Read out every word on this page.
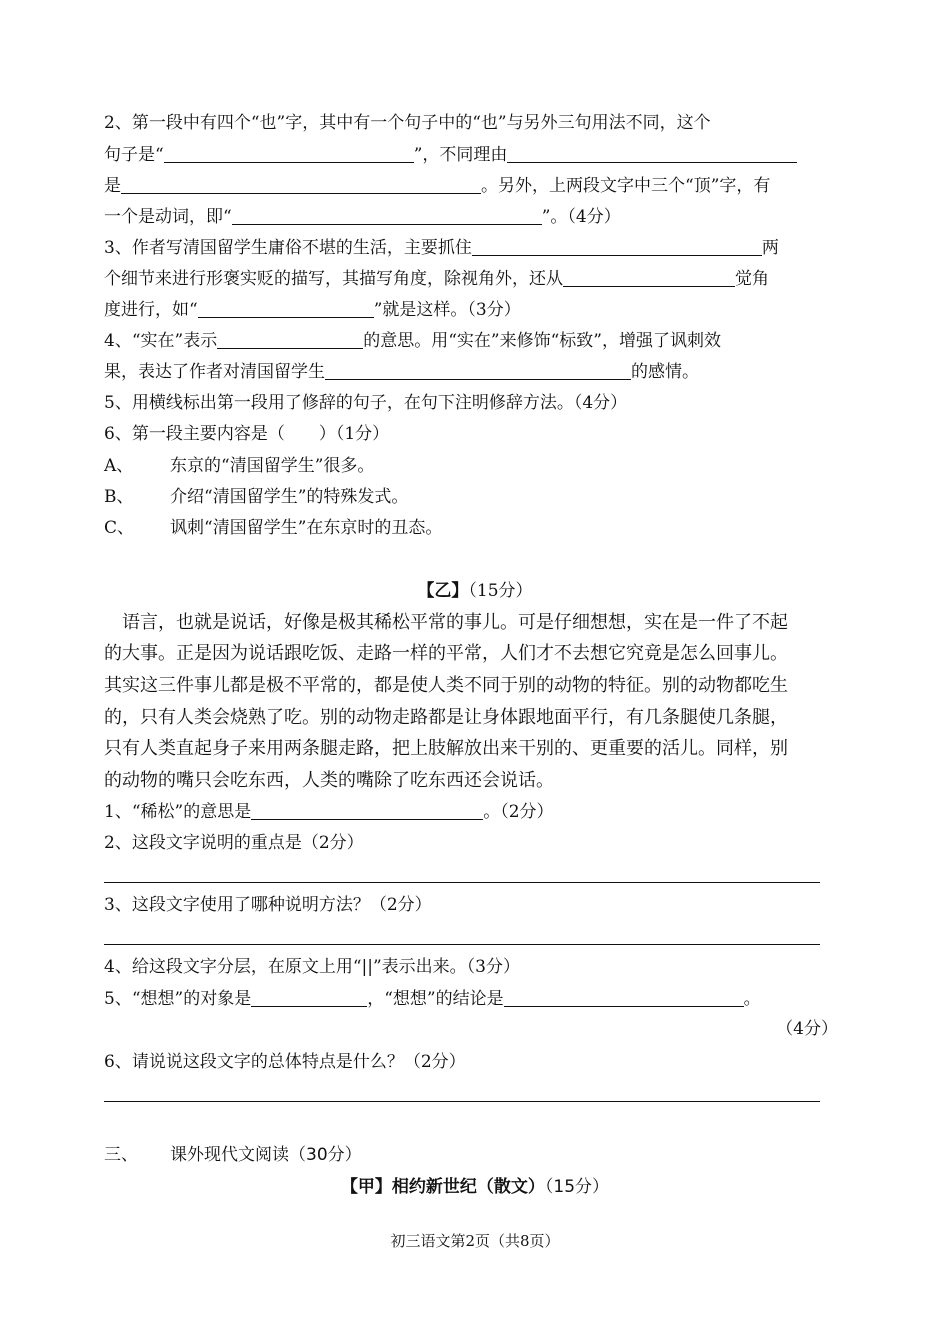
2、第一段中有四个“也”字，其中有一个句子中的“也”与另外三句用法不同，这个
句子是“	”，不同理由
是	。另外，上两段文字中三个“顶”字，有
一个是动词，即“	”。（4分）
3、作者写清国留学生庸俗不堪的生活，主要抓住	两
个细节来进行形褒实贬的描写，其描写角度，除视角外，还从	觉角
度进行，如“	”就是这样。（3分）
4、“实在”表示	的意思。用“实在”来修饰“标致”，增强了讽刺效
果，表达了作者对清国留学生	的感情。
5、用横线标出第一段用了修辞的句子，在句下注明修辞方法。（4分）
6、第一段主要内容是（　　）（1分）
A、 东京的“清国留学生”很多。
B、 介绍“清国留学生”的特殊发式。
C、 讽刺“清国留学生”在东京时的丑态。
【乙】（15分）
　语言，也就是说话，好像是极其稀松平常的事儿。可是仔细想想，实在是一件了不起
的大事。正是因为说话跟吃饭、走路一样的平常，人们才不去想它究竟是怎么回事儿。
其实这三件事儿都是极不平常的，都是使人类不同于别的动物的特征。别的动物都吃生
的，只有人类会烧熟了吃。别的动物走路都是让身体跟地面平行，有几条腿使几条腿，
只有人类直起身子来用两条腿走路，把上肢解放出来干别的、更重要的活儿。同样，别
的动物的嘴只会吃东西，人类的嘴除了吃东西还会说话。
1、“稀松”的意思是	。（2分）
2、这段文字说明的重点是（2分）
3、这段文字使用了哪种说明方法？（2分）
4、给这段文字分层，在原文上用“||”表示出来。（3分）
5、“想想”的对象是	，“想想”的结论是	。
（4分）
6、请说说这段文字的总体特点是什么？（2分）
三、 课外现代文阅读（30分）
【甲】相约新世纪（散文）（15分）
初三语文第2页（共8页）
